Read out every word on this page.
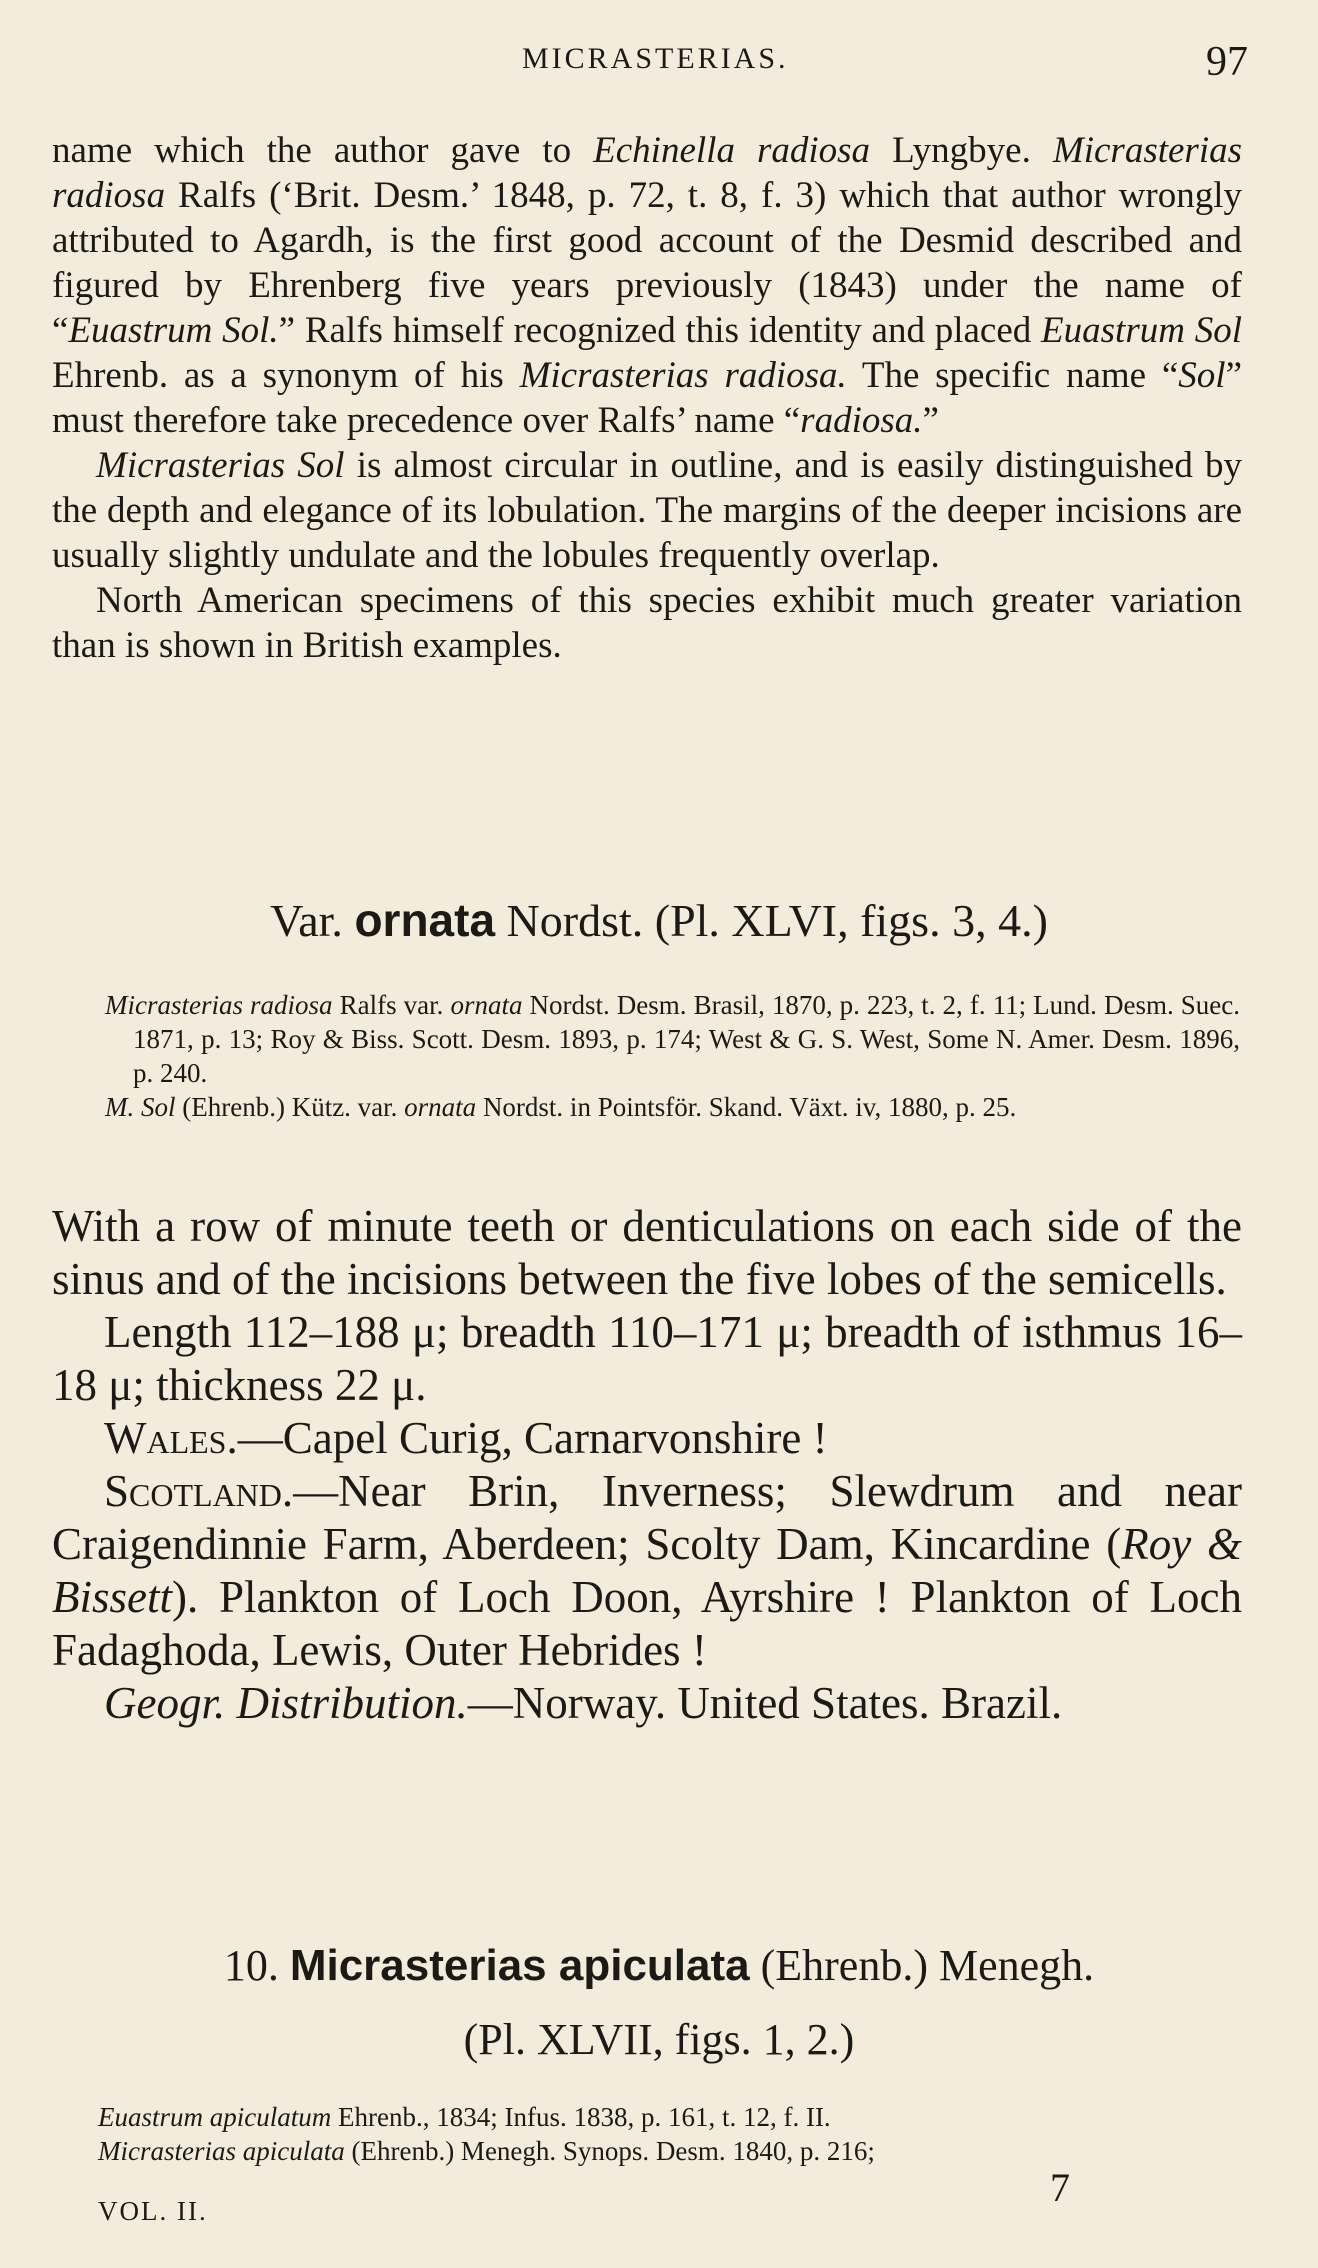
MICRASTERIAS.	97

name which the author gave to Echinella radiosa Lyngbye. Micrasterias radiosa Ralfs (‘Brit. Desm.’ 1848, p. 72, t. 8, f. 3) which that author wrongly attributed to Agardh, is the first good account of the Desmid described and figured by Ehrenberg five years previously (1843) under the name of “Euastrum Sol.” Ralfs himself recognized this identity and placed Euastrum Sol Ehrenb. as a synonym of his Micrasterias radiosa. The specific name “Sol” must therefore take precedence over Ralfs’ name “radiosa.”

Micrasterias Sol is almost circular in outline, and is easily distinguished by the depth and elegance of its lobulation. The margins of the deeper incisions are usually slightly undulate and the lobules frequently overlap.

North American specimens of this species exhibit much greater variation than is shown in British examples.

Var. ornata Nordst. (Pl. XLVI, figs. 3, 4.)

Micrasterias radiosa Ralfs var. ornata Nordst. Desm. Brasil, 1870, p. 223, t. 2, f. 11; Lund. Desm. Suec. 1871, p. 13; Roy & Biss. Scott. Desm. 1893, p. 174; West & G. S. West, Some N. Amer. Desm. 1896, p. 240.

M. Sol (Ehrenb.) Kütz. var. ornata Nordst. in Pointsför. Skand. Växt. iv, 1880, p. 25.

With a row of minute teeth or denticulations on each side of the sinus and of the incisions between the five lobes of the semicells.

Length 112–188 μ; breadth 110–171 μ; breadth of isthmus 16–18 μ; thickness 22 μ.

Wales.—Capel Curig, Carnarvonshire !

Scotland.—Near Brin, Inverness; Slewdrum and near Craigendinnie Farm, Aberdeen; Scolty Dam, Kincardine (Roy & Bissett). Plankton of Loch Doon, Ayrshire ! Plankton of Loch Fadaghoda, Lewis, Outer Hebrides !

Geogr. Distribution.—Norway. United States. Brazil.

10. Micrasterias apiculata (Ehrenb.) Menegh.
(Pl. XLVII, figs. 1, 2.)

Euastrum apiculatum Ehrenb., 1834; Infus. 1838, p. 161, t. 12, f. II.

Micrasterias apiculata (Ehrenb.) Menegh. Synops. Desm. 1840, p. 216;

VOL. II.
7
